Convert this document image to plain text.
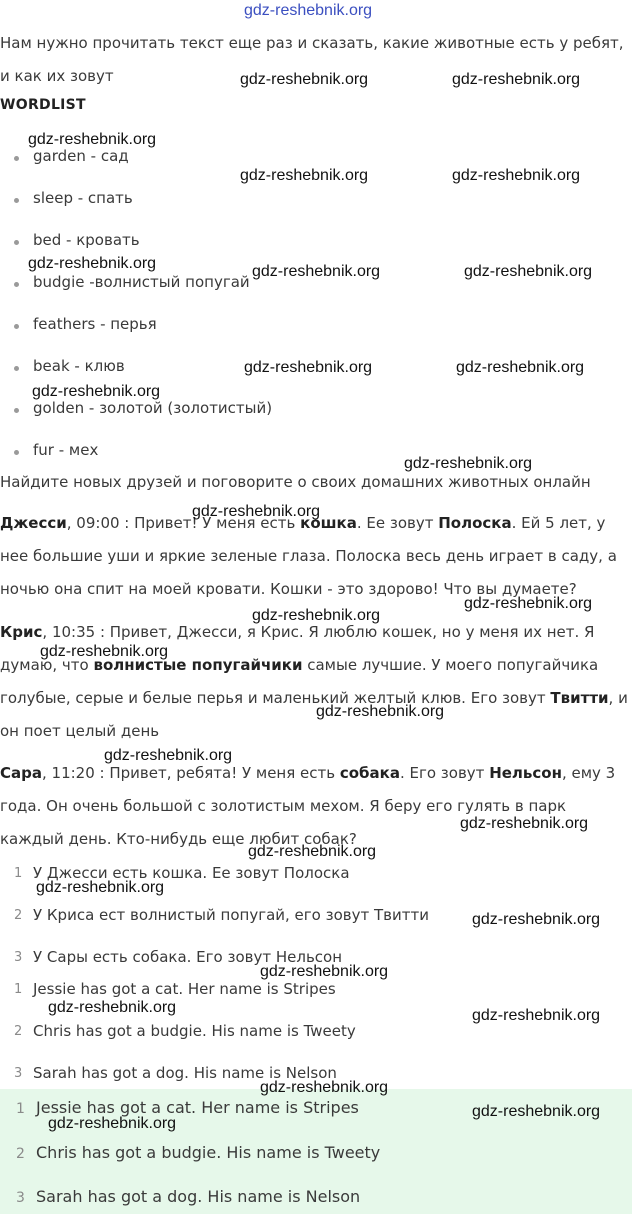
Нам нужно прочитать текст еще раз и сказать, какие животные есть у ребят, и как их зовут
WORDLIST
garden - сад
sleep - спать
bed - кровать
budgie -волнистый попугай
feathers - перья
beak - клюв
golden - золотой (золотистый)
fur - мех
Найдите новых друзей и поговорите о своих домашних животных онлайн
Джесси, 09:00 : Привет! У меня есть кошка. Ее зовут Полоска. Ей 5 лет, у нее большие уши и яркие зеленые глаза. Полоска весь день играет в саду, а ночью она спит на моей кровати. Кошки - это здорово! Что вы думаете?
Крис, 10:35 : Привет, Джесси, я Крис. Я люблю кошек, но у меня их нет. Я думаю, что волнистые попугайчики самые лучшие. У моего попугайчика голубые, серые и белые перья и маленький желтый клюв. Его зовут Твитти, и он поет целый день
Сара, 11:20 : Привет, ребята! У меня есть собака. Его зовут Нельсон, ему 3 года. Он очень большой с золотистым мехом. Я беру его гулять в парк каждый день. Кто-нибудь еще любит собак?
1 У Джесси есть кошка. Ее зовут Полоска
2 У Криса ест волнистый попугай, его зовут Твитти
3 У Сары есть собака. Его зовут Нельсон
1 Jessie has got a cat. Her name is Stripes
2 Chris has got a budgie. His name is Tweety
3 Sarah has got a dog. His name is Nelson
1 Jessie has got a cat. Her name is Stripes
2 Chris has got a budgie. His name is Tweety
3 Sarah has got a dog. His name is Nelson
gdz-reshebnik.org
gdz-reshebnik.org	gdz-reshebnik.org
gdz-reshebnik.org
gdz-reshebnik.org	gdz-reshebnik.org
gdz-reshebnik.org	gdz-reshebnik.org	gdz-reshebnik.org
gdz-reshebnik.org	gdz-reshebnik.org
gdz-reshebnik.org
gdz-reshebnik.org
gdz-reshebnik.org
gdz-reshebnik.org
gdz-reshebnik.org
gdz-reshebnik.org
gdz-reshebnik.org
gdz-reshebnik.org
gdz-reshebnik.org
gdz-reshebnik.org
gdz-reshebnik.org
gdz-reshebnik.org
gdz-reshebnik.org
gdz-reshebnik.org	gdz-reshebnik.org
gdz-reshebnik.org
gdz-reshebnik.org
gdz-reshebnik.org
